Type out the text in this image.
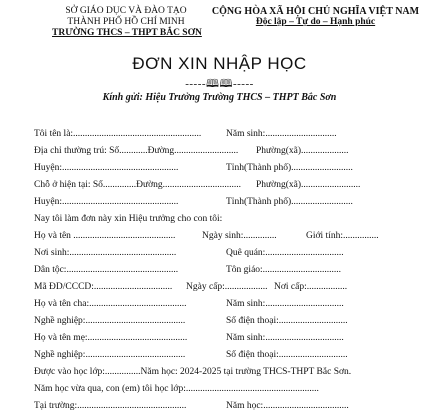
SỞ GIÁO DỤC VÀ ĐÀO TẠO
THÀNH PHỐ HỒ CHÍ MINH
TRƯỜNG THCS – THPT BẮC SƠN
CỘNG HÒA XÃ HỘI CHỦ NGHĨA VIỆT NAM
Độc lập – Tự do – Hạnh phúc
ĐƠN XIN NHẬP HỌC
-----🕮🕮-----
Kính gửi: Hiệu Trưởng Trường THCS – THPT Bắc Sơn
Tôi tên là:......................................................	Năm sinh:..............................
Địa chỉ thường trú: Số............Đường........................... Phường(xã)....................
Huyện:.................................................	Tỉnh(Thành phố)..........................
Chỗ ở hiện tại: Số..............Đường................................. Phường(xã).........................
Huyện:.................................................	Tỉnh(Thành phố)..........................
Nay tôi làm đơn này xin Hiệu trưởng cho con tôi:
Họ và tên ...........................................	Ngày sinh:..............	Giới tính:...............
Nơi sinh:.............................................	Quê quán:.................................
Dân tộc:...............................................	Tôn giáo:.................................
Mã ĐD/CCCD:................................. Ngày cấp:.................. Nơi cấp:.................
Họ và tên cha:.........................................	Năm sinh:.................................
Nghề nghiệp:..........................................	Số điện thoại:.............................
Họ và tên mẹ:..........................................	Năm sinh:.................................
Nghề nghiệp:..........................................	Số điện thoại:.............................
Được vào học lớp:...............Năm học: 2024-2025 tại trường THCS-THPT Bắc Sơn.
Năm học vừa qua, con (em) tôi học lớp:........................................................
Tại trường:..............................................	Năm học:....................................
